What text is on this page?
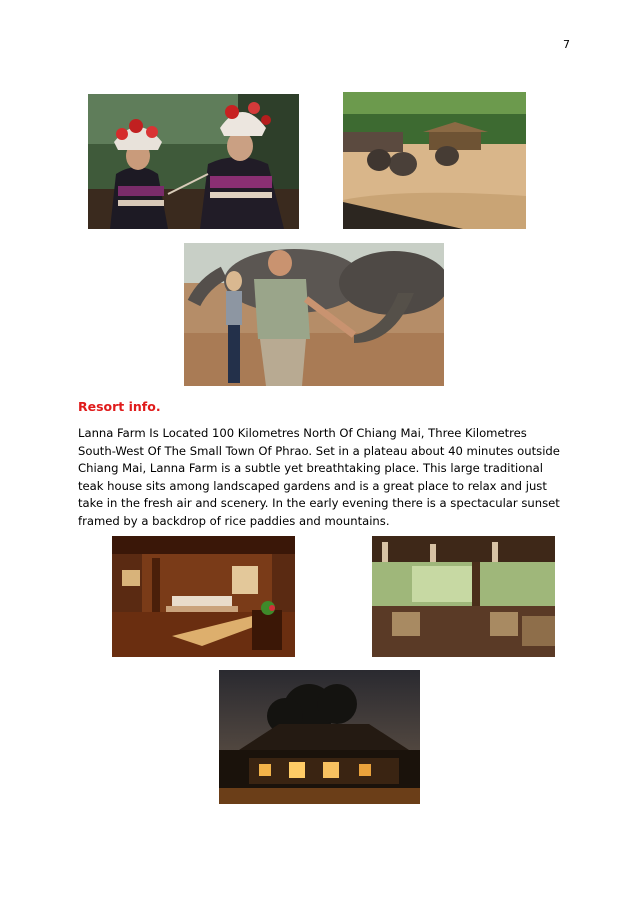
7
Resort info.
Lanna Farm Is Located 100 Kilometres North Of Chiang Mai, Three Kilometres South-West Of The Small Town Of Phrao. Set in a plateau about 40 minutes outside Chiang Mai, Lanna Farm is a subtle yet breathtaking place. This large traditional teak house sits among landscaped gardens and is a great place to relax and just take in the fresh air and scenery. In the early evening there is a spectacular sunset framed by a backdrop of rice paddies and mountains.
